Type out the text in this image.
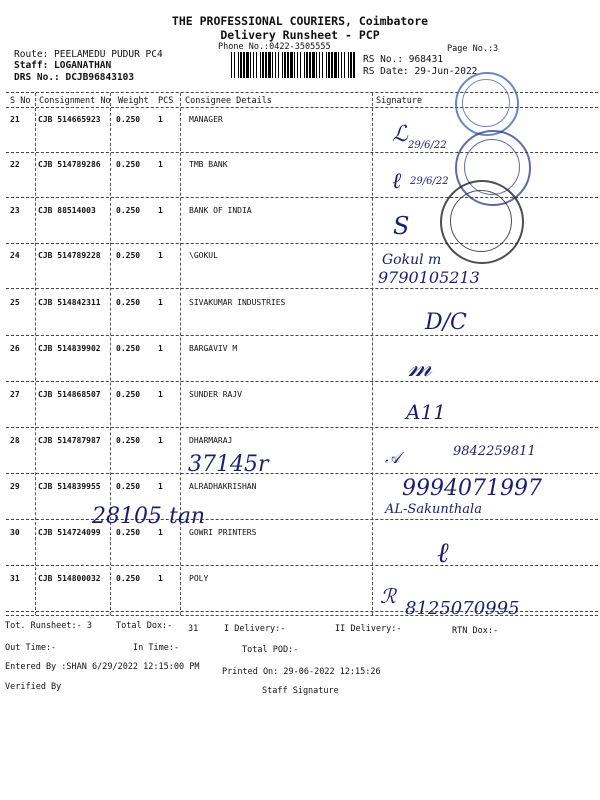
THE PROFESSIONAL COURIERS, Coimbatore
Delivery Runsheet - PCP
Phone No.:0422-3505555	Page No.:3
Route: PEELAMEDU PUDUR PC4
Staff: LOGANATHAN
DRS No.: DCJB96843103
RS No.: 968431
RS Date: 29-Jun-2022
S No Consignment No Weight PCS Consignee Details	Signature
21 CJB 514665923 0.250 1	MANAGER
22 CJB 514789286 0.250 1	TMB BANK
23 CJB 88514003	0.250 1	BANK OF INDIA
24 CJB 514789228 0.250 1	\GOKUL
25 CJB 514842311 0.250 1	SIVAKUMAR INDUSTRIES
26 CJB 514839902 0.250 1	BARGAVIV M
27 CJB 514868507 0.250 1	SUNDER RAJV
28 CJB 514787987 0.250 1	DHARMARAJ
29 CJB 514839955 0.250 1	ALRADHAKRISHAN
30 CJB 514724099 0.250 1	GOWRI PRINTERS
31 CJB 514800032 0.250 1	POLY
ℒ 29/6/22
ℓ 29/6/22
S
Gokul m
9790105213
D/C
𝓂
A11
37145r
9842259811
𝒜
9994071997
AL-Sakunthala
28105 tan
ℓ
ℛ
8125070995
Tot. Runsheet:- 3	Total Dox:- 31	I Delivery:-	II Delivery:-	RTN Dox:-
Out Time:-	In Time:-	Total POD:-
Entered By :SHAN 6/29/2022 12:15:00 PM	Printed On: 29-06-2022 12:15:26
Verified By	Staff Signature
